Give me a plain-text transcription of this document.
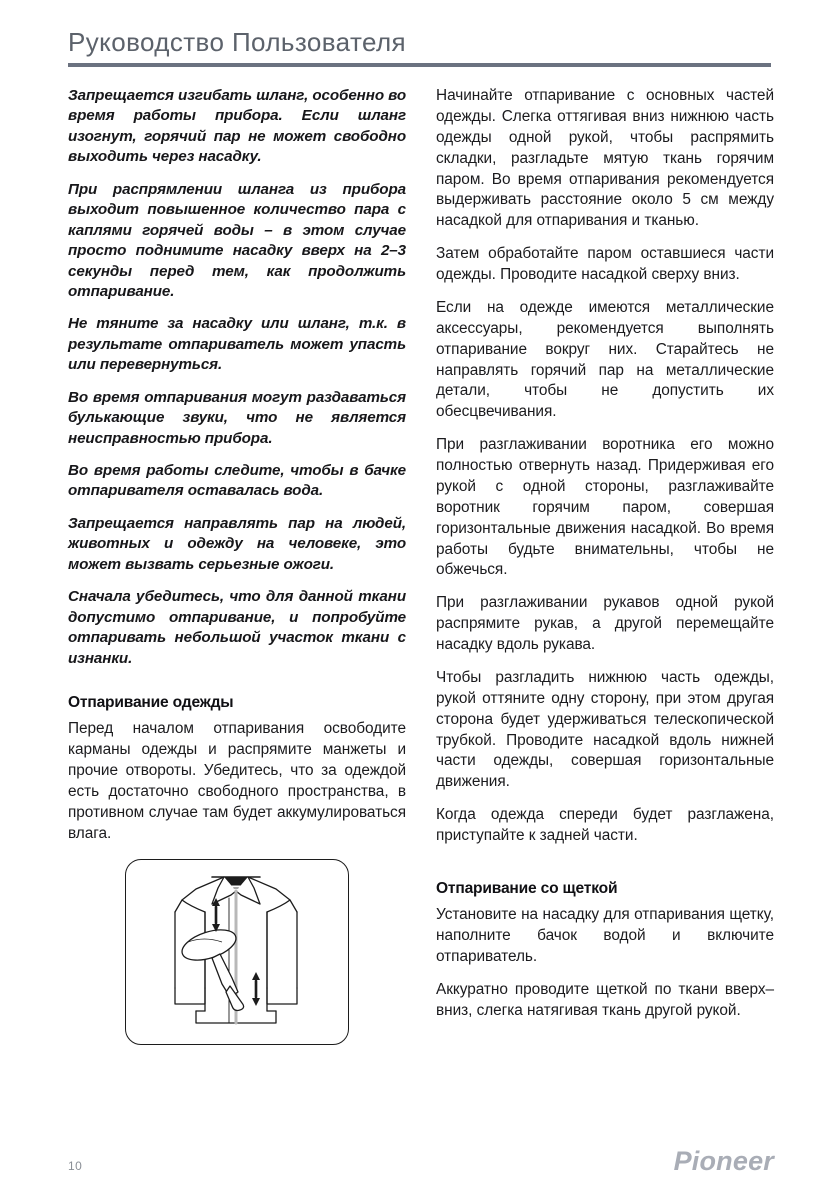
Руководство Пользователя

Запрещается изгибать шланг, особенно во время работы прибора. Если шланг изогнут, горячий пар не может свободно выходить через насадку.

При распрямлении шланга из прибора выходит повышенное количество пара с каплями горячей воды – в этом случае просто поднимите насадку вверх на 2–3 секунды перед тем, как продолжить отпаривание.

Не тяните за насадку или шланг, т.к. в результате отпариватель может упасть или перевернуться.

Во время отпаривания могут раздаваться булькающие звуки, что не является неисправностью прибора.

Во время работы следите, чтобы в бачке отпаривателя оставалась вода.

Запрещается направлять пар на людей, животных и одежду на человеке, это может вызвать серьезные ожоги.

Сначала убедитесь, что для данной ткани допустимо отпаривание, и попробуйте отпаривать небольшой участок ткани с изнанки.

Отпаривание одежды

Перед началом отпаривания освободите карманы одежды и распрямите манжеты и прочие отвороты. Убедитесь, что за одеждой есть достаточно свободного пространства, в противном случае там будет аккумулироваться влага.

Начинайте отпаривание с основных частей одежды. Слегка оттягивая вниз нижнюю часть одежды одной рукой, чтобы распрямить складки, разгладьте мятую ткань горячим паром. Во время отпаривания рекомендуется выдерживать расстояние около 5 см между насадкой для отпаривания и тканью.

Затем обработайте паром оставшиеся части одежды. Проводите насадкой сверху вниз.

Если на одежде имеются металлические аксессуары, рекомендуется выполнять отпаривание вокруг них. Старайтесь не направлять горячий пар на металлические детали, чтобы не допустить их обесцвечивания.

При разглаживании воротника его можно полностью отвернуть назад. Придерживая его рукой с одной стороны, разглаживайте воротник горячим паром, совершая горизонтальные движения насадкой. Во время работы будьте внимательны, чтобы не обжечься.

При разглаживании рукавов одной рукой распрямите рукав, а другой перемещайте насадку вдоль рукава.

Чтобы разгладить нижнюю часть одежды, рукой оттяните одну сторону, при этом другая сторона будет удерживаться телескопической трубкой. Проводите насадкой вдоль нижней части одежды, совершая горизонтальные движения.

Когда одежда спереди будет разглажена, приступайте к задней части.

Отпаривание со щеткой

Установите на насадку для отпаривания щетку, наполните бачок водой и включите отпариватель.

Аккуратно проводите щеткой по ткани вверх–вниз, слегка натягивая ткань другой рукой.

10	Pioneer
